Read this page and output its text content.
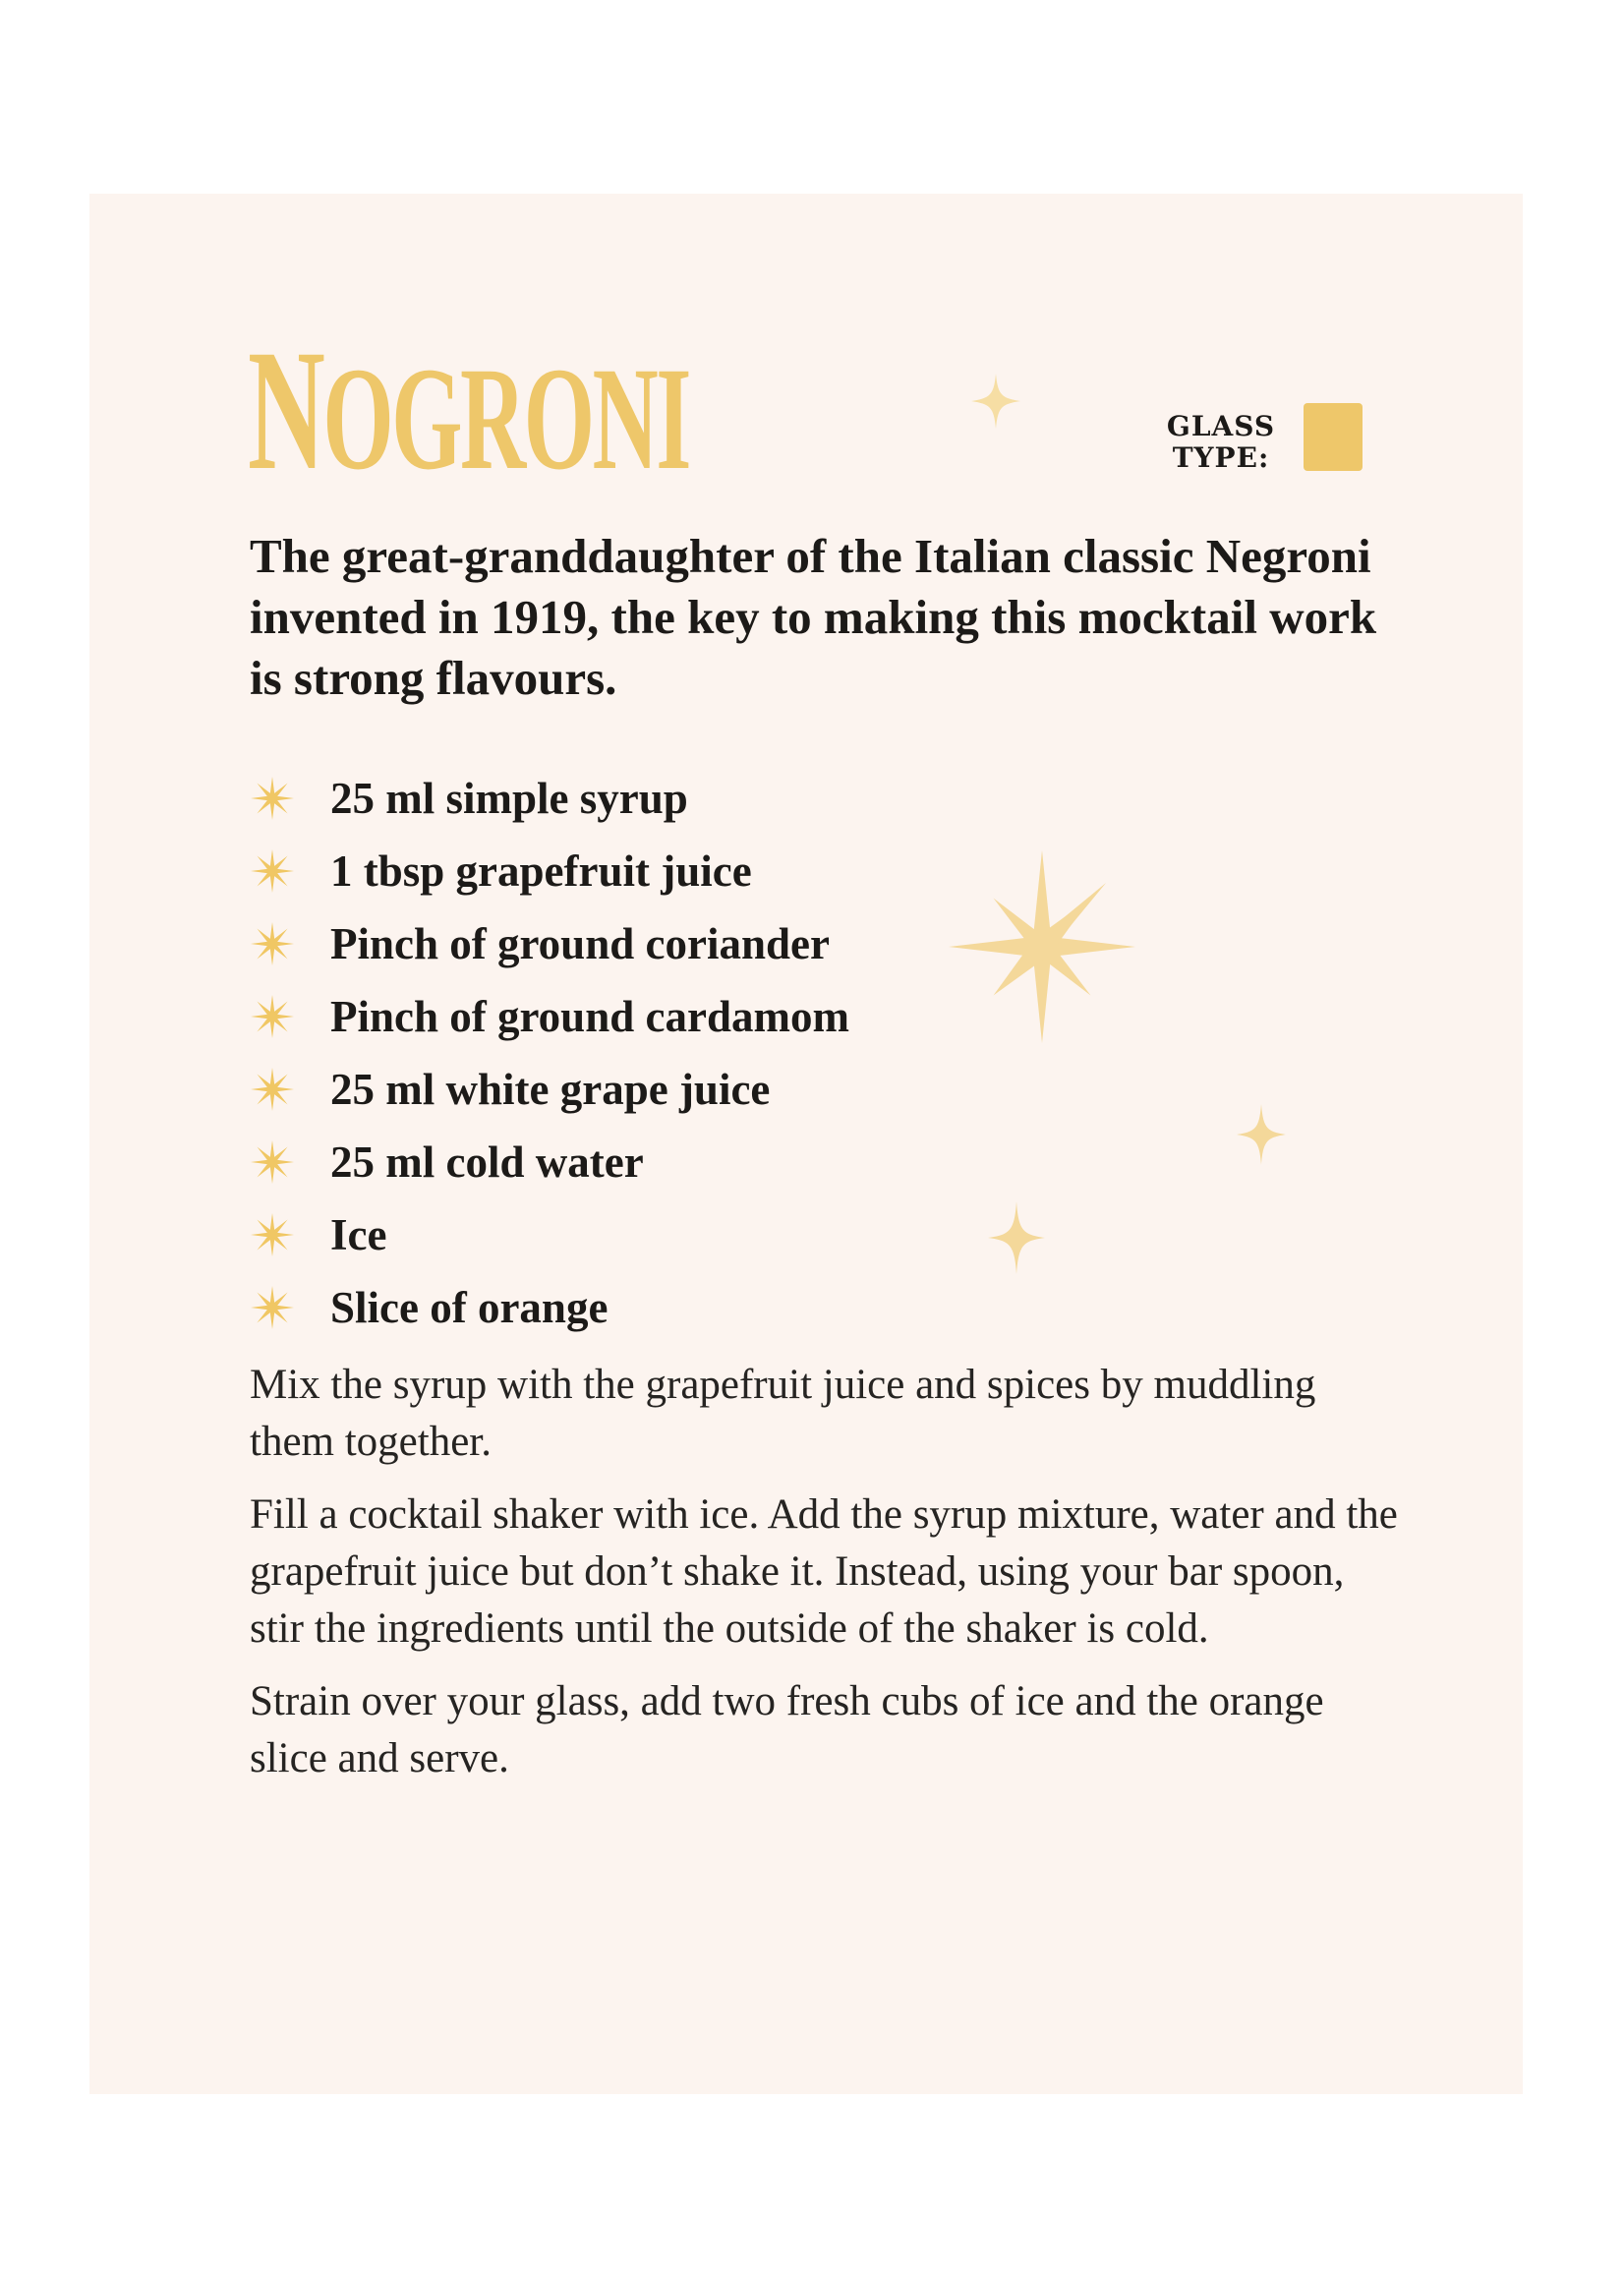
NOGRONI	GLASS
TYPE:

The great-granddaughter of the Italian classic Negroni invented in 1919, the key to making this mocktail work is strong flavours.

25 ml simple syrup
1 tbsp grapefruit juice
Pinch of ground coriander
Pinch of ground cardamom
25 ml white grape juice
25 ml cold water
Ice
Slice of orange

Mix the syrup with the grapefruit juice and spices by muddling them together.

Fill a cocktail shaker with ice. Add the syrup mixture, water and the grapefruit juice but don’t shake it. Instead, using your bar spoon, stir the ingredients until the outside of the shaker is cold.

Strain over your glass, add two fresh cubs of ice and the orange slice and serve.
